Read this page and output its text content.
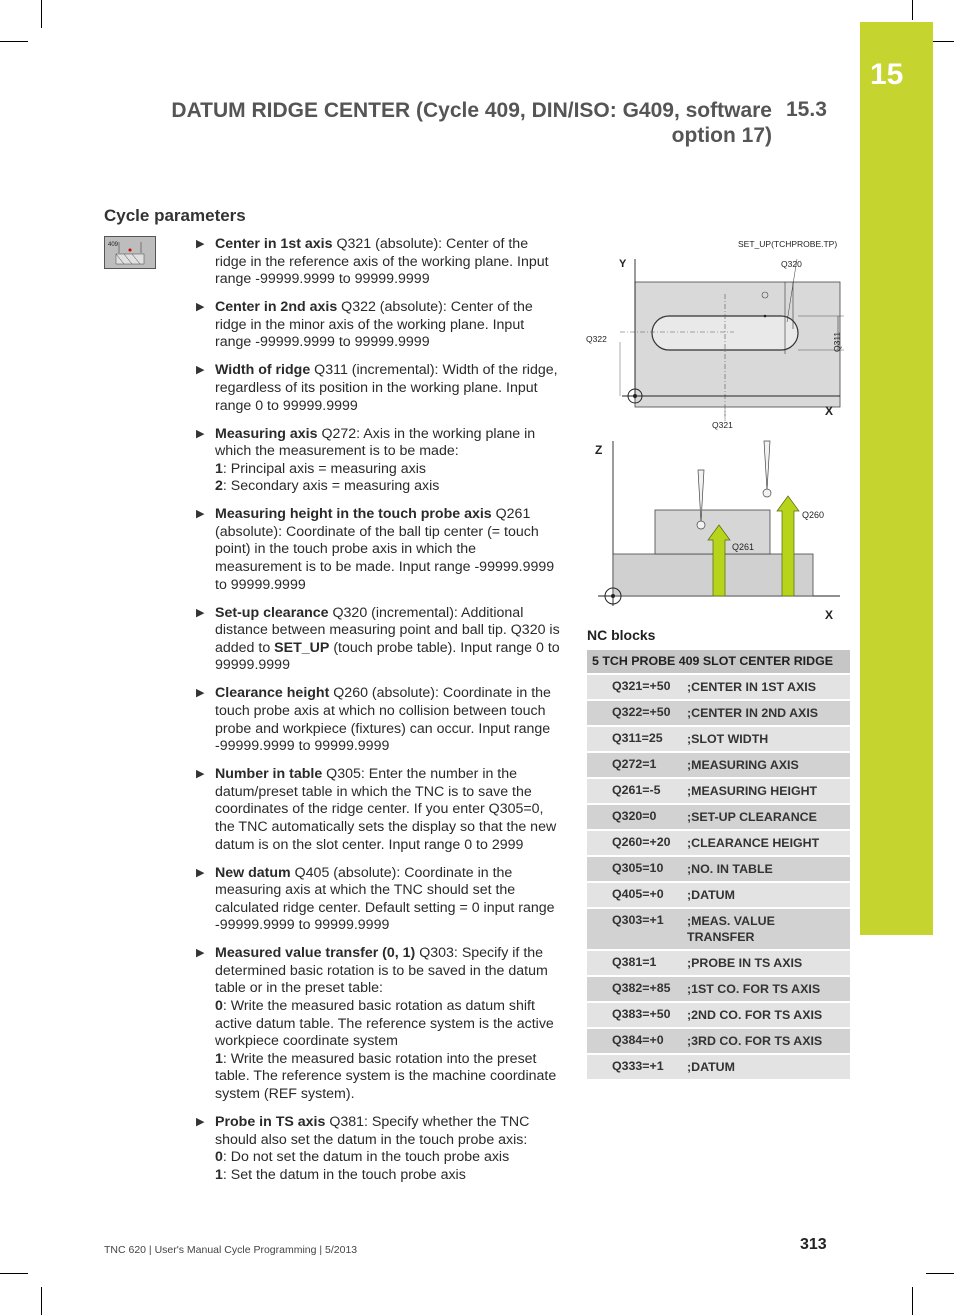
15
DATUM RIDGE CENTER (Cycle 409, DIN/ISO: G409, software option 17)
15.3
Cycle parameters
409	▶ Center in 1st axis Q321 (absolute): Center of the ridge in the reference axis of the working plane. Input range -99999.9999 to 99999.9999
▶ Center in 2nd axis Q322 (absolute): Center of the ridge in the minor axis of the working plane. Input range -99999.9999 to 99999.9999
▶ Width of ridge Q311 (incremental): Width of the ridge, regardless of its position in the working plane. Input range 0 to 99999.9999
▶ Measuring axis Q272: Axis in the working plane in which the measurement is to be made:
1: Principal axis = measuring axis
2: Secondary axis = measuring axis
▶ Measuring height in the touch probe axis Q261 (absolute): Coordinate of the ball tip center (= touch point) in the touch probe axis in which the measurement is to be made. Input range -99999.9999 to 99999.9999
▶ Set-up clearance Q320 (incremental): Additional distance between measuring point and ball tip. Q320 is added to SET_UP (touch probe table). Input range 0 to 99999.9999
▶ Clearance height Q260 (absolute): Coordinate in the touch probe axis at which no collision between touch probe and workpiece (fixtures) can occur. Input range -99999.9999 to 99999.9999
▶ Number in table Q305: Enter the number in the datum/preset table in which the TNC is to save the coordinates of the ridge center. If you enter Q305=0, the TNC automatically sets the display so that the new datum is on the slot center. Input range 0 to 2999
▶ New datum Q405 (absolute): Coordinate in the measuring axis at which the TNC should set the calculated ridge center. Default setting = 0 input range -99999.9999 to 99999.9999
▶ Measured value transfer (0, 1) Q303: Specify if the determined basic rotation is to be saved in the datum table or in the preset table:
0: Write the measured basic rotation as datum shift active datum table. The reference system is the active workpiece coordinate system
1: Write the measured basic rotation into the preset table. The reference system is the machine coordinate system (REF system).
▶ Probe in TS axis Q381: Specify whether the TNC should also set the datum in the touch probe axis:
0: Do not set the datum in the touch probe axis
1: Set the datum in the touch probe axis
SET_UP(TCHPROBE.TP)
Q320
Q322	Q311
Q321
Y
X
Q261
Q260
Z
X
NC blocks
5 TCH PROBE 409 SLOT CENTER RIDGE
Q321=+50	;CENTER IN 1ST AXIS
Q322=+50	;CENTER IN 2ND AXIS
Q311=25	;SLOT WIDTH
Q272=1	;MEASURING AXIS
Q261=-5	;MEASURING HEIGHT
Q320=0	;SET-UP CLEARANCE
Q260=+20	;CLEARANCE HEIGHT
Q305=10	;NO. IN TABLE
Q405=+0	;DATUM
Q303=+1	;MEAS. VALUE TRANSFER
Q381=1	;PROBE IN TS AXIS
Q382=+85	;1ST CO. FOR TS AXIS
Q383=+50	;2ND CO. FOR TS AXIS
Q384=+0	;3RD CO. FOR TS AXIS
Q333=+1	;DATUM
TNC 620 | User's Manual Cycle Programming | 5/2013	313
